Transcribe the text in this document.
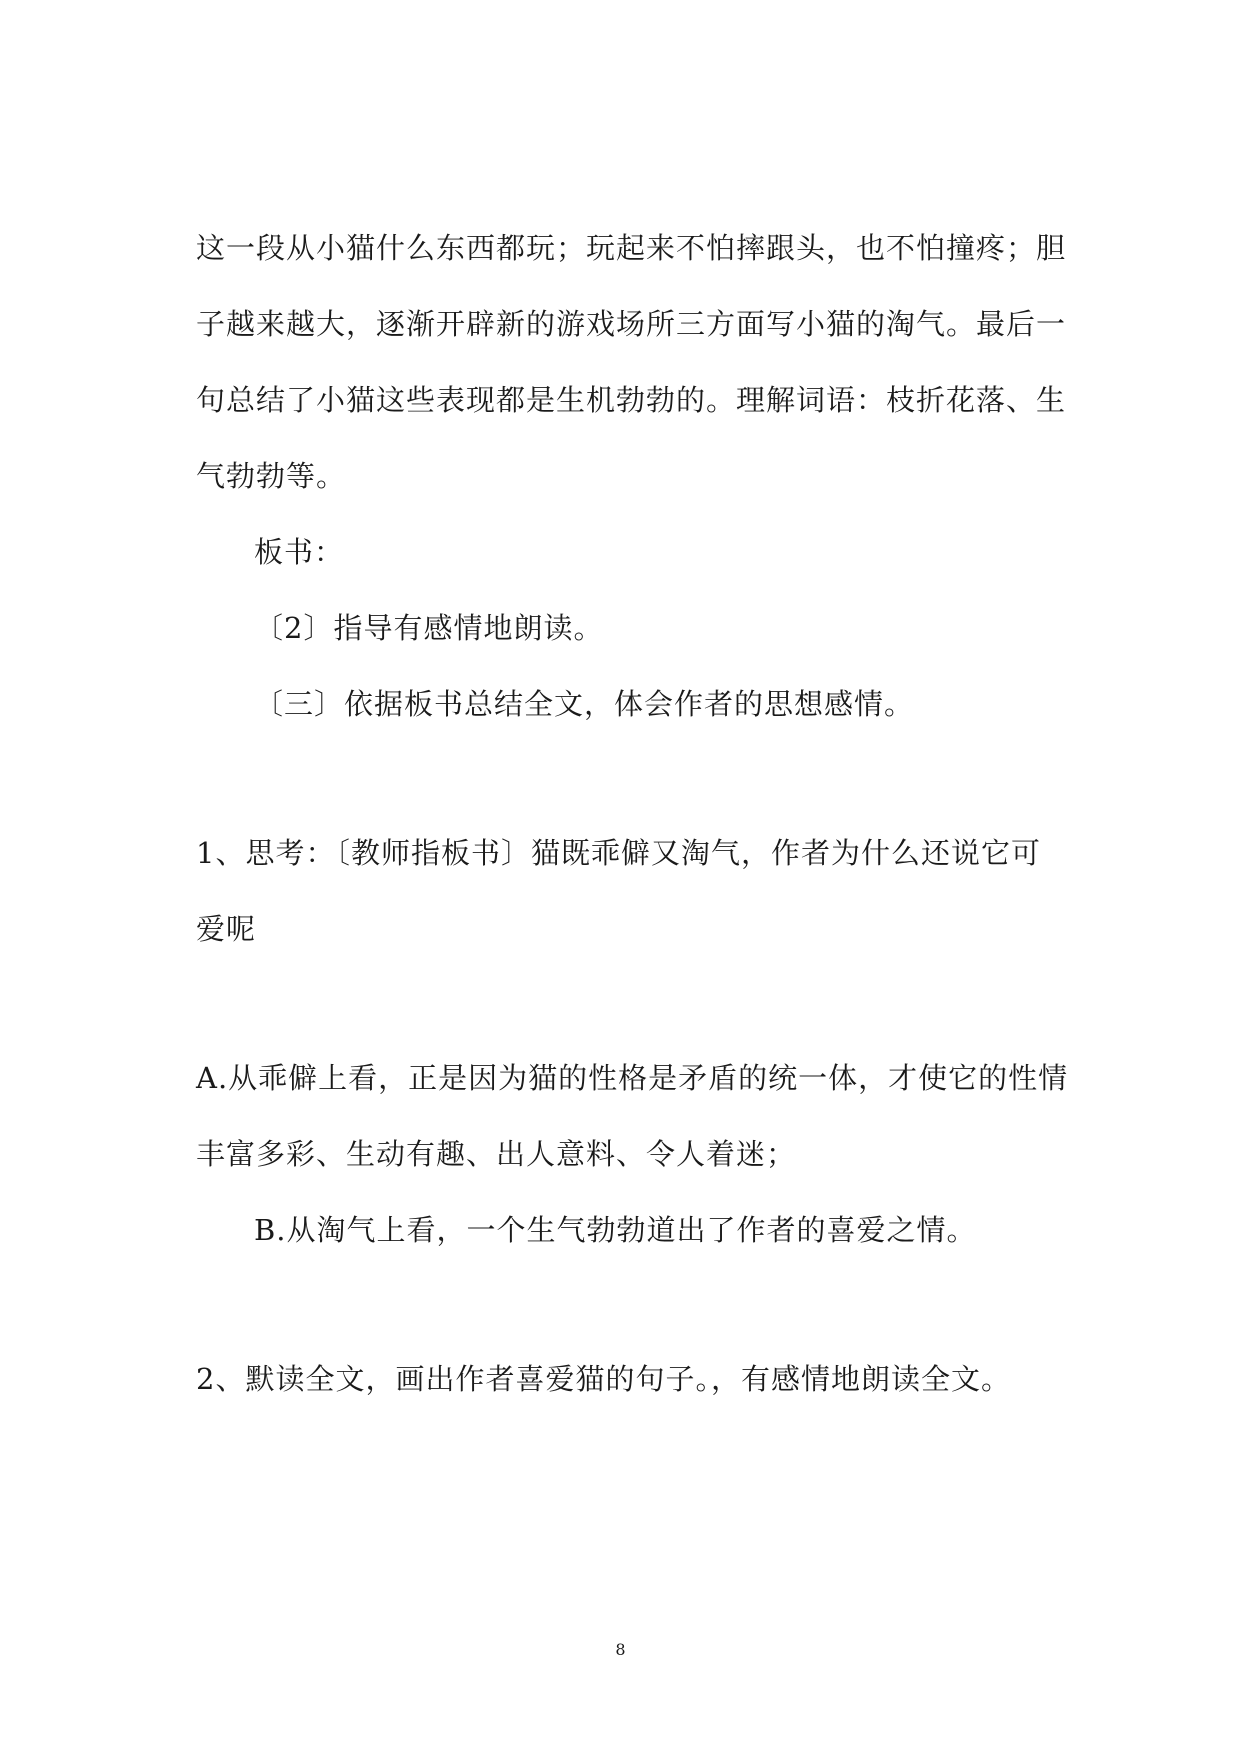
这一段从小猫什么东西都玩；玩起来不怕摔跟头，也不怕撞疼；胆
子越来越大，逐渐开辟新的游戏场所三方面写小猫的淘气。最后一
句总结了小猫这些表现都是生机勃勃的。理解词语：枝折花落、生
气勃勃等。
板书：
〔2〕指导有感情地朗读。
〔三〕依据板书总结全文，体会作者的思想感情。
1、思考：〔教师指板书〕猫既乖僻又淘气，作者为什么还说它可
爱呢
A.从乖僻上看，正是因为猫的性格是矛盾的统一体，才使它的性情
丰富多彩、生动有趣、出人意料、令人着迷；
B.从淘气上看，一个生气勃勃道出了作者的喜爱之情。
2、默读全文，画出作者喜爱猫的句子。，有感情地朗读全文。
8
